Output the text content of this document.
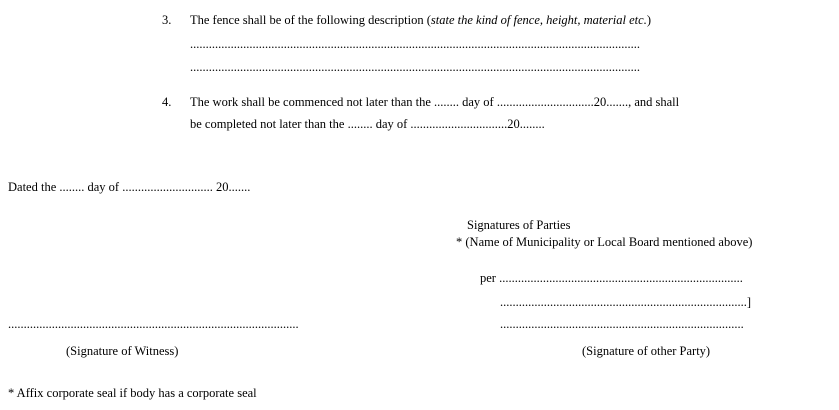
3. The fence shall be of the following description (state the kind of fence, height, material etc.)
................................................................................................................................................
................................................................................................................................................
4. The work shall be commenced not later than the ........ day of ...............................20......., and shall
be completed not later than the ........ day of ...............................20........
Dated the ........ day of ............................. 20.......
Signatures of Parties
* (Name of Municipality or Local Board mentioned above)
per ..............................................................................
...............................................................................]
.............................................................................................
(Signature of Witness)
..............................................................................
(Signature of other Party)
* Affix corporate seal if body has a corporate seal
